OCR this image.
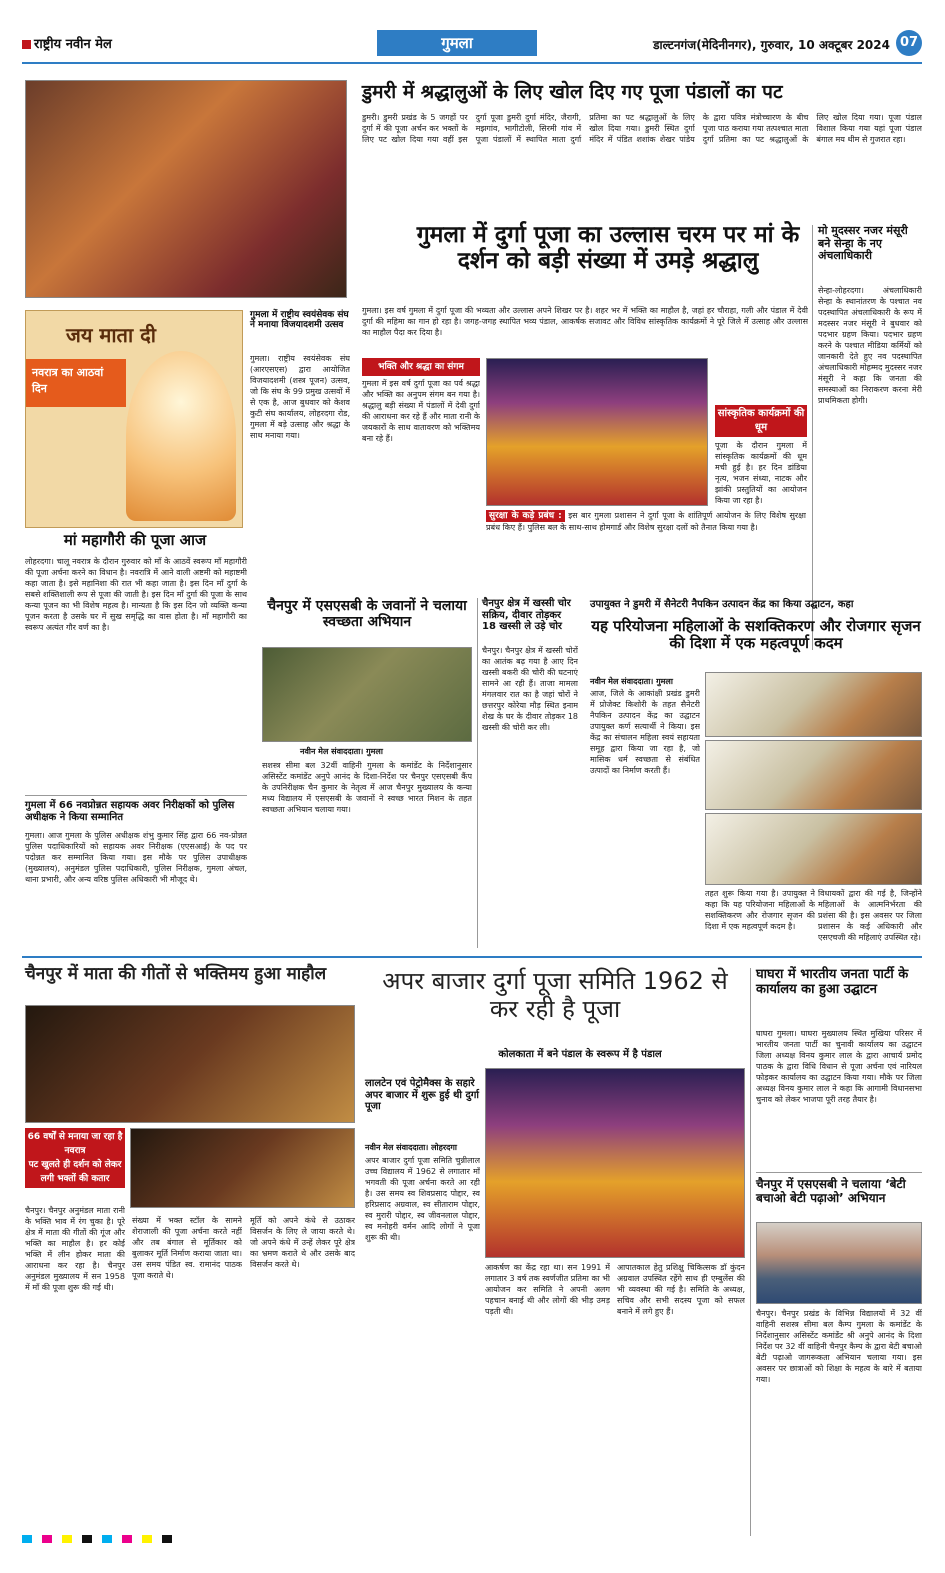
राष्ट्रीय नवीन मेल	गुमला	डाल्टनगंज(मेदिनीनगर), गुरुवार, 10 अक्टूबर 2024 07
डुमरी में श्रद्धालुओं के लिए खोल दिए गए पूजा पंडालों का पट
डुमरी। डुमरी प्रखंड के 5 जगहों पर दुर्गा में की पूजा अर्चन कर भक्तों के लिए पट खोल दिया गया वहीं इस दुर्गा पूजा डुमरी दुर्गा मंदिर, जैरागी, मझगांव, भागीटोली, सिरमी गांव में पूजा पंडालों में स्थापित माता दुर्गा प्रतिमा का पट श्रद्धालुओं के लिए खोल दिया गया। डुमरी स्थित दुर्गा मंदिर में पंडित शशांक शेखर पांडेय के द्वारा पवित्र मंत्रोच्चारण के बीच पूजा पाठ कराया गया तत्पश्चात माता दुर्गा प्रतिमा का पट श्रद्धालुओं के लिए खोल दिया गया। पूजा पंडाल विशाल किया गया यहां पूजा पंडाल बंगाल मय थीम से गुजरात रहा।
गुमला में दुर्गा पूजा का उल्लास चरम पर मां के दर्शन को बड़ी संख्या में उमड़े श्रद्धालु
गुमला। इस वर्ष गुमला में दुर्गा पूजा की भव्यता और उल्लास अपने शिखर पर है। शहर भर में भक्ति का माहौल है, जहां हर चौराहा, गली और पंडाल में देवी दुर्गा की महिमा का गान हो रहा है। जगह-जगह स्थापित भव्य पंडाल, आकर्षक सजावट और विविध सांस्कृतिक कार्यक्रमों ने पूरे जिले में उत्साह और उल्लास का माहौल पैदा कर दिया है।
मो मुदस्सर नजर मंसूरी बने सेन्हा के नए अंचलाधिकारी
सेन्हा-लोहरदगा। अंचलाधिकारी सेन्हा के स्थानांतरण के पश्चात नव पदस्थापित अंचलाधिकारी के रूप में मदस्सर नजर मंसूरी ने बुधवार को पदभार ग्रहण किया। पदभार ग्रहण करने के पश्चात मीडिया कर्मियों को जानकारी देते हुए नव पदस्थापित अंचलाधिकारी मोहम्मद मुदस्सर नजर मंसूरी ने कहा कि जनता की समस्याओं का निराकरण करना मेरी प्राथमिकता होगी।
गुमला में राष्ट्रीय स्वयंसेवक संघ ने मनाया विजयादशमी उत्सव
गुमला। राष्ट्रीय स्वयंसेवक संघ (आरएसएस) द्वारा आयोजित विजयादशमी (शस्त्र पूजन) उत्सव, जो कि संघ के 99 प्रमुख उत्सवों में से एक है, आज बुधवार को केशव कुटी संघ कार्यालय, लोहरदगा रोड, गुमला में बड़े उत्साह और श्रद्धा के साथ मनाया गया।
भक्ति और श्रद्धा का संगम
गुमला में इस वर्ष दुर्गा पूजा का पर्व श्रद्धा और भक्ति का अनुपम संगम बन गया है। श्रद्धालु बड़ी संख्या में पंडालों में देवी दुर्गा की आराधना कर रहे हैं और माता रानी के जयकारों के साथ वातावरण को भक्तिमय बना रहे हैं।
सुरक्षा के कड़े प्रबंध : इस बार गुमला प्रशासन ने दुर्गा पूजा के शांतिपूर्ण आयोजन के लिए विशेष सुरक्षा प्रबंध किए हैं। पुलिस बल के साथ-साथ होमगार्ड और विशेष सुरक्षा दलों को तैनात किया गया है।
सांस्कृतिक कार्यक्रमों की धूम
पूजा के दौरान गुमला में सांस्कृतिक कार्यक्रमों की धूम मची हुई है। हर दिन डांडिया नृत्य, भजन संध्या, नाटक और झांकी प्रस्तुतियों का आयोजन किया जा रहा है।
जय माता दी
नवरात्र का आठवां दिन
मां महागौरी की पूजा आज
लोहरदगा। चालू नवरात्र के दौरान गुरुवार को माँ के आठवें स्वरूप माँ महागौरी की पूजा अर्चना करने का विधान है। नवरात्रि में आने वाली अष्टमी को महाष्टमी कहा जाता है। इसे महानिशा की रात भी कहा जाता है। इस दिन माँ दुर्गा के सबसे शक्तिशाली रूप से पूजा की जाती है। इस दिन माँ दुर्गा की पूजा के साथ कन्या पूजन का भी विशेष महत्व है। मान्यता है कि इस दिन जो व्यक्ति कन्या पूजन करता है उसके घर में सुख समृद्धि का वास होता है। माँ महागौरी का स्वरूप अत्यंत गौर वर्ण का है।
गुमला में 66 नवप्रोन्नत सहायक अवर निरीक्षकों को पुलिस अधीक्षक ने किया सम्मानित
गुमला। आज गुमला के पुलिस अधीक्षक शंभु कुमार सिंह द्वारा 66 नव-प्रोन्नत पुलिस पदाधिकारियों को सहायक अवर निरीक्षक (एएसआई) के पद पर पदोन्नत कर सम्मानित किया गया। इस मौके पर पुलिस उपाधीक्षक (मुख्यालय), अनुमंडल पुलिस पदाधिकारी, पुलिस निरीक्षक, गुमला अंचल, थाना प्रभारी, और अन्य वरिष्ठ पुलिस अधिकारी भी मौजूद थे।
चैनपुर में एसएसबी के जवानों ने चलाया स्वच्छता अभियान
नवीन मेल संवाददाता। गुमला
सशस्त्र सीमा बल 32वीं वाहिनी गुमला के कमांडेंट के निर्देशानुसार असिस्टेंट कमांडेंट अनुपे आनंद के दिशा-निर्देश पर चैनपुर एसएसबी कैंप के उपनिरीक्षक चैन कुमार के नेतृत्व में आज चैनपुर मुख्यालय के कन्या मध्य विद्यालय में एसएसबी के जवानों ने स्वच्छ भारत मिशन के तहत स्वच्छता अभियान चलाया गया।
चैनपुर क्षेत्र में खस्सी चोर सक्रिय, दीवार तोड़कर 18 खस्सी ले उड़े चोर
चैनपुर। चैनपुर क्षेत्र में खस्सी चोरों का आतंक बढ़ गया है आए दिन खस्सी बकरी की चोरी की घटनाएं सामने आ रही हैं। ताजा मामला मंगलवार रात का है जहां चोरों ने छत्तरपुर कोरेया मौड़ स्थित इनाम शेख के घर के दीवार तोड़कर 18 खस्सी की चोरी कर ली।
उपायुक्त ने डुमरी में सैनेटरी नैपकिन उत्पादन केंद्र का किया उद्घाटन, कहा
यह परियोजना महिलाओं के सशक्तिकरण और रोजगार सृजन की दिशा में एक महत्वपूर्ण कदम
नवीन मेल संवाददाता। गुमला
आज, जिले के आकांक्षी प्रखंड डुमरी में प्रोजेक्ट किशोरी के तहत सैनेटरी नैपकिन उत्पादन केंद्र का उद्घाटन उपायुक्त कर्ण सत्यार्थी ने किया। इस केंद्र का संचालन महिला स्वयं सहायता समूह द्वारा किया जा रहा है, जो मासिक धर्म स्वच्छता से संबंधित उत्पादों का निर्माण करती हैं।
तहत शुरू किया गया है। उपायुक्त ने कहा कि यह परियोजना महिलाओं के सशक्तिकरण और रोजगार सृजन की दिशा में एक महत्वपूर्ण कदम है।
विधायकों द्वारा की गई है, जिन्होंने महिलाओं के आत्मनिर्भरता की प्रशंसा की है। इस अवसर पर जिला प्रशासन के कई अधिकारी और एसएचजी की महिलाएं उपस्थित रहे।
चैनपुर में माता की गीतों से भक्तिमय हुआ माहौल
66 वर्षों से मनाया जा रहा है नवरात्र
पट खुलते ही दर्शन को लेकर लगी भक्तों की कतार
चैनपुर। चैनपुर अनुमंडल माता रानी के भक्ति भाव में रंग चुका है। पूरे क्षेत्र में माता की गीतों की गूंज और भक्ति का माहौल है। हर कोई भक्ति में लीन होकर माता की आराधना कर रहा है। चैनपुर अनुमंडल मुख्यालय में सन 1958 में माँ की पूजा शुरू की गई थी।
संख्या में भक्त स्टॉल के सामने शेराजाली की पूजा अर्चना करते नहीं और तब बंगाल से मूर्तिकार को बुलाकर मूर्ति निर्माण कराया जाता था। उस समय पंडित स्व. रामानंद पाठक पूजा कराते थे।
मूर्ति को अपने कंधे से उठाकर विसर्जन के लिए ले जाया करते थे। जो अपने कंधे में उन्हें लेकर पूरे क्षेत्र का भ्रमण कराते थे और उसके बाद विसर्जन करते थे।
अपर बाजार दुर्गा पूजा समिति 1962 से कर रही है पूजा
कोलकाता में बने पंडाल के स्वरूप में है पंडाल
लालटेन एवं पेट्रोमैक्स के सहारे अपर बाजार में शुरू हुई थी दुर्गा पूजा
नवीन मेल संवाददाता। लोहरदगा
अपर बाजार दुर्गा पूजा समिति चुन्नीलाल उच्च विद्यालय में 1962 से लगातार माँ भगवती की पूजा अर्चना करते आ रही है। उस समय स्व शिवप्रसाद पोद्दार, स्व हरिप्रसाद अग्रवाल, स्व सीताराम पोद्दार, स्व मुरारी पोद्दार, स्व जीवनलाल पोद्दार, स्व मनोहरी वर्मन आदि लोगों ने पूजा शुरू की थी।
आकर्षण का केंद्र रहा था। सन 1991 में लगातार 3 वर्ष तक स्वर्णजीत प्रतिमा का भी आयोजन कर समिति ने अपनी अलग पहचान बनाई थी और लोगों की भीड़ उमड़ पड़ती थी।
आपातकाल हेतु प्रशिक्षु चिकित्सक डॉ कुंदन अग्रवाल उपस्थित रहेंगे साथ ही एम्बुलेंस की भी व्यवस्था की गई है। समिति के अध्यक्ष, सचिव और सभी सदस्य पूजा को सफल बनाने में लगे हुए हैं।
घाघरा में भारतीय जनता पार्टी के कार्यालय का हुआ उद्घाटन
घाघरा गुमला। घाघरा मुख्यालय स्थित मुखिया परिसर में भारतीय जनता पार्टी का चुनावी कार्यालय का उद्घाटन जिला अध्यक्ष विनय कुमार लाल के द्वारा आचार्य प्रमोद पाठक के द्वारा विधि विधान से पूजा अर्चना एवं नारियल फोड़कर कार्यालय का उद्घाटन किया गया। मौके पर जिला अध्यक्ष विनय कुमार लाल ने कहा कि आगामी विधानसभा चुनाव को लेकर भाजपा पूरी तरह तैयार है।
चैनपुर में एसएसबी ने चलाया ‘बेटी बचाओ बेटी पढ़ाओ’ अभियान
चैनपुर। चैनपुर प्रखंड के विभिन्न विद्यालयों में 32 वीं वाहिनी सशस्त्र सीमा बल कैम्प गुमला के कमांडेंट के निर्देशानुसार असिस्टेंट कमांडेंट श्री अनुपे आनंद के दिशा निर्देश पर 32 वीं वाहिनी चैनपुर कैम्प के द्वारा बेटी बचाओ बेटी पढ़ाओ जागरूकता अभियान चलाया गया। इस अवसर पर छात्राओं को शिक्षा के महत्व के बारे में बताया गया।
